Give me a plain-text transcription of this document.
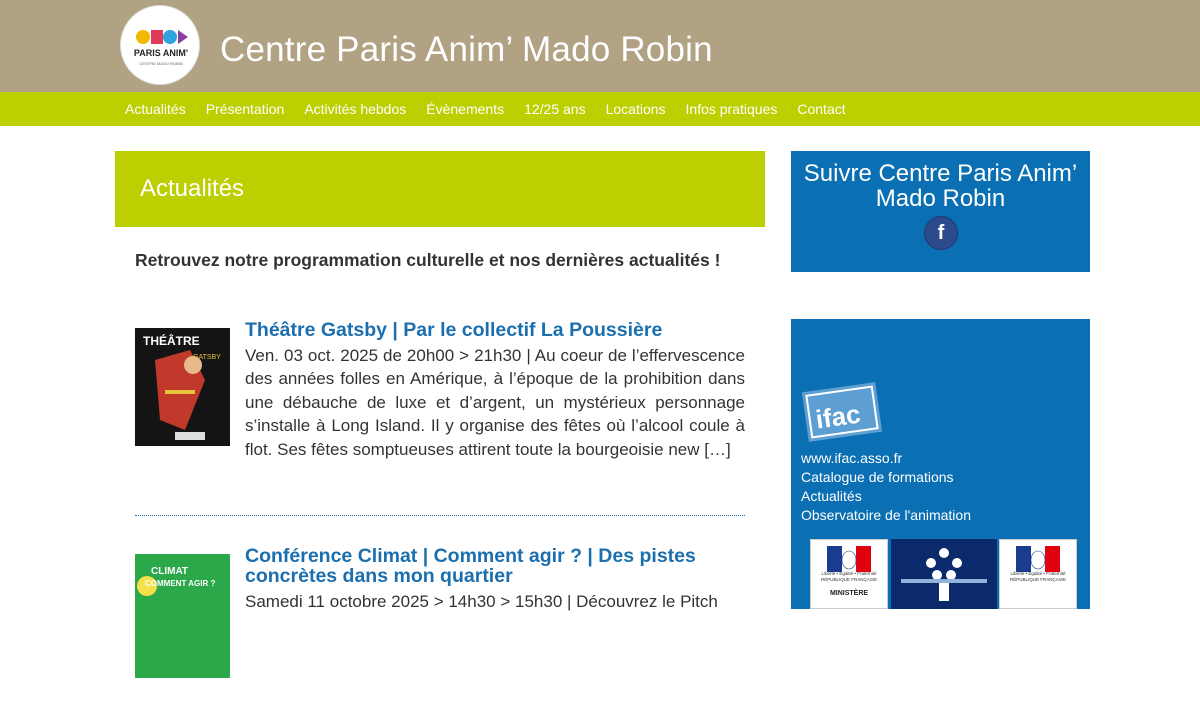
PARIS ANIM'
CENTRE MADO ROBIN	Centre Paris Anim’ Mado Robin
Actualités	Présentation	Activités hebdos	Évènements	12/25 ans	Locations	Infos pratiques	Contact
Actualités
Retrouvez notre programmation culturelle et nos dernières actualités !
THÉÂTRE
GATSBY
Théâtre Gatsby | Par le collectif La Poussière
Ven. 03 oct. 2025 de 20h00 > 21h30 | Au coeur de l’effervescence des années folles en Amérique, à l’époque de la prohibition dans une débauche de luxe et d’argent, un mystérieux personnage s’installe à Long Island. Il y organise des fêtes où l’alcool coule à flot. Ses fêtes somptueuses attirent toute la bourgeoisie new […]
CLIMAT
COMMENT AGIR ?
Conférence Climat | Comment agir ? | Des pistes concrètes dans mon quartier
Samedi 11 octobre 2025 > 14h30 > 15h30 | Découvrez le Pitch
Suivre Centre Paris Anim’ Mado Robin
f
ifac
www.ifac.asso.fr
Catalogue de formations
Actualités
Observatoire de l'animation
Liberté • Égalité • Fraternité RÉPUBLIQUE FRANÇAISE
MINISTÈRE
Liberté • Égalité • Fraternité RÉPUBLIQUE FRANÇAISE
